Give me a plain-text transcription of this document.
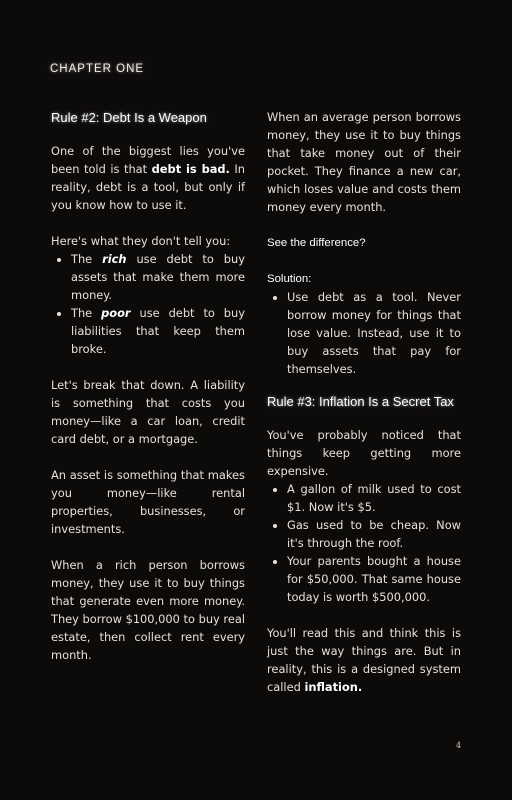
CHAPTER ONE
Rule #2: Debt Is a Weapon

One of the biggest lies you've been told is that debt is bad. In reality, debt is a tool, but only if you know how to use it.

Here's what they don't tell you:

• The rich use debt to buy assets that make them more money.
• The poor use debt to buy liabilities that keep them broke.

Let's break that down. A liability is something that costs you money—like a car loan, credit card debt, or a mortgage.

An asset is something that makes you money—like rental properties, businesses, or investments.

When a rich person borrows money, they use it to buy things that generate even more money. They borrow $100,000 to buy real estate, then collect rent every month.

When an average person borrows money, they use it to buy things that take money out of their pocket. They finance a new car, which loses value and costs them money every month.

See the difference?
Solution:
• Use debt as a tool. Never borrow money for things that lose value. Instead, use it to buy assets that pay for themselves.
Rule #3: Inflation Is a Secret Tax

You've probably noticed that things keep getting more expensive.

• A gallon of milk used to cost $1. Now it's $5.
• Gas used to be cheap. Now it's through the roof.
• Your parents bought a house for $50,000. That same house today is worth $500,000.

You'll read this and think this is just the way things are. But in reality, this is a designed system called inflation.

4
